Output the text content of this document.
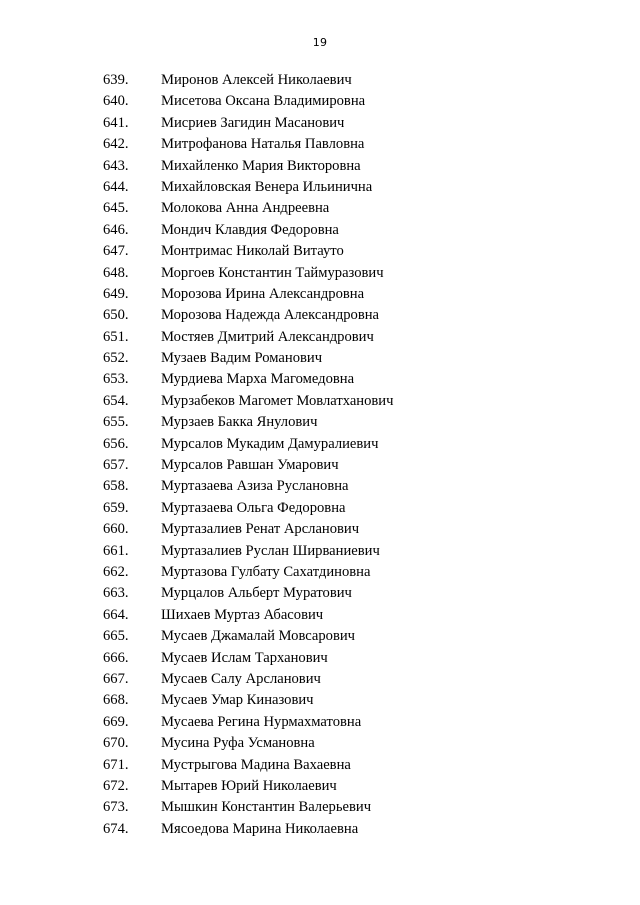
19
639. Миронов Алексей Николаевич
640. Мисетова Оксана Владимировна
641. Мисриев Загидин Масанович
642. Митрофанова Наталья Павловна
643. Михайленко Мария Викторовна
644. Михайловская Венера Ильинична
645. Молокова Анна Андреевна
646. Мондич Клавдия Федоровна
647. Монтримас Николай Витауто
648. Моргоев Константин Таймуразович
649. Морозова Ирина Александровна
650. Морозова Надежда Александровна
651. Мостяев Дмитрий Александрович
652. Музаев Вадим Романович
653. Мурдиева Марха Магомедовна
654. Мурзабеков Магомет Мовлатханович
655. Мурзаев Бакка Янулович
656. Мурсалов Мукадим Дамуралиевич
657. Мурсалов Равшан Умарович
658. Муртазаева Азиза Руслановна
659. Муртазаева Ольга Федоровна
660. Муртазалиев Ренат Арсланович
661. Муртазалиев Руслан Ширваниевич
662. Муртазова Гулбату Сахатдиновна
663. Мурцалов Альберт Муратович
664. Шихаев Муртаз Абасович
665. Мусаев Джамалай Мовсарович
666. Мусаев Ислам Тарханович
667. Мусаев Салу Арсланович
668. Мусаев Умар Киназович
669. Мусаева Регина Нурмахматовна
670. Мусина Руфа Усмановна
671. Мустрыгова Мадина Вахаевна
672. Мытарев Юрий Николаевич
673. Мышкин Константин Валерьевич
674. Мясоедова Марина Николаевна
